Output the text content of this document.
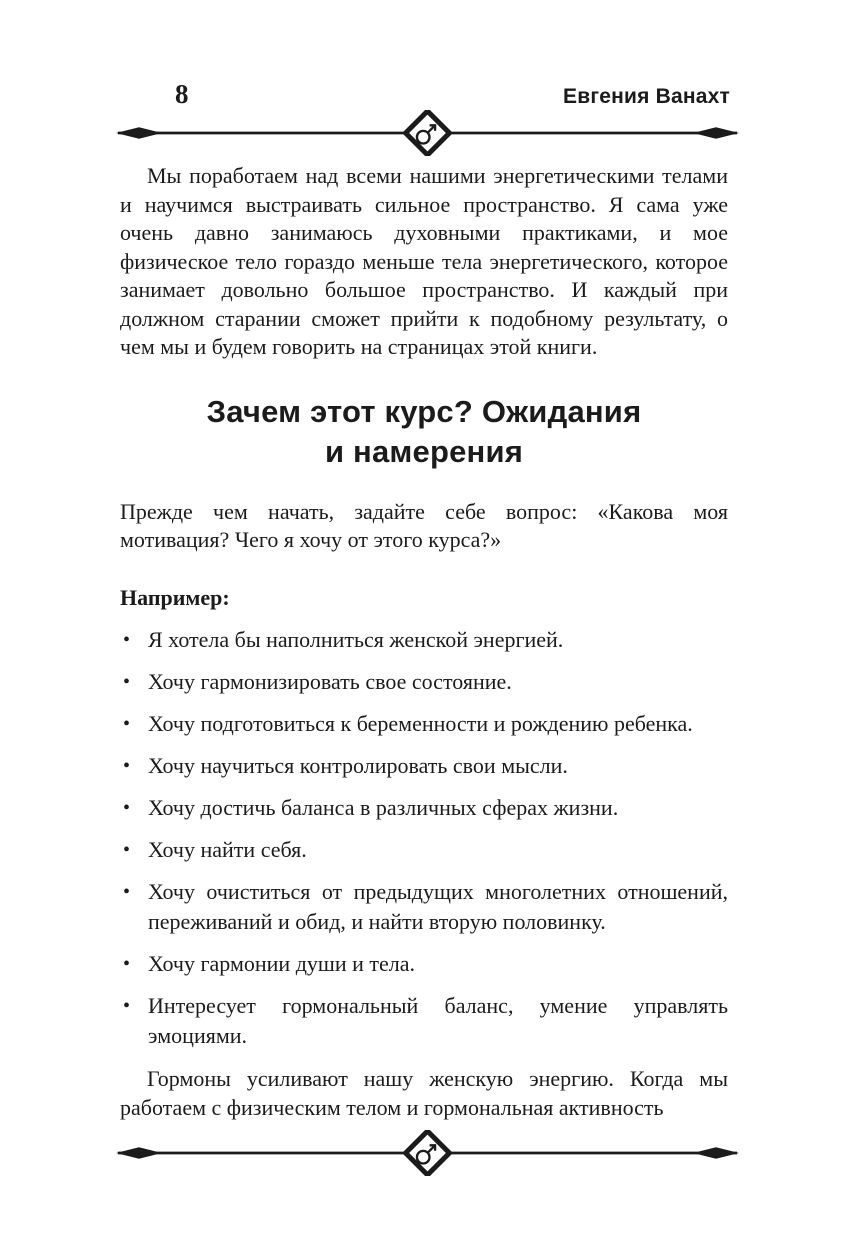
8	Евгения Ванахт

Мы поработаем над всеми нашими энергетическими телами и научимся выстраивать сильное пространство. Я сама уже очень давно занимаюсь духовными практиками, и мое физическое тело гораздо меньше тела энергетического, которое занимает довольно большое пространство. И каждый при должном старании сможет прийти к подобному результату, о чем мы и будем говорить на страницах этой книги.

Зачем этот курс? Ожидания
и намерения

Прежде чем начать, задайте себе вопрос: «Какова моя мотивация? Чего я хочу от этого курса?»

Например:

• Я хотела бы наполниться женской энергией.
• Хочу гармонизировать свое состояние.
• Хочу подготовиться к беременности и рождению ребенка.
• Хочу научиться контролировать свои мысли.
• Хочу достичь баланса в различных сферах жизни.
• Хочу найти себя.
• Хочу очиститься от предыдущих многолетних отношений, переживаний и обид, и найти вторую половинку.
• Хочу гармонии души и тела.
• Интересует гормональный баланс, умение управлять эмоциями.

Гормоны усиливают нашу женскую энергию. Когда мы работаем с физическим телом и гормональная активность
